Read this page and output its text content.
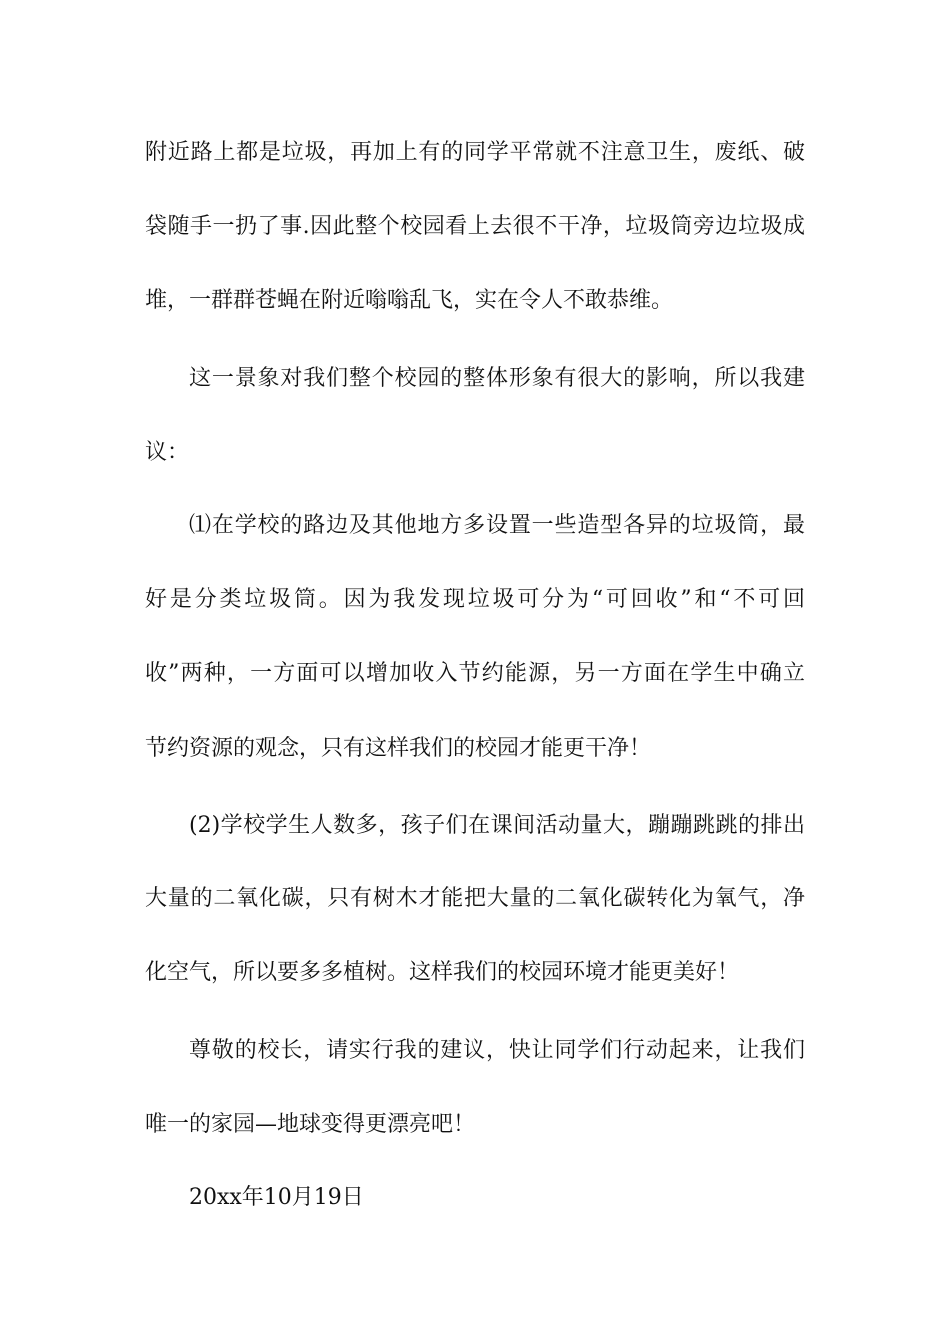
附近路上都是垃圾，再加上有的同学平常就不注意卫生，废纸、破
袋随手一扔了事.因此整个校园看上去很不干净，垃圾筒旁边垃圾成
堆，一群群苍蝇在附近嗡嗡乱飞，实在令人不敢恭维。
这一景象对我们整个校园的整体形象有很大的影响，所以我建
议：
⑴在学校的路边及其他地方多设置一些造型各异的垃圾筒，最
好是分类垃圾筒。因为我发现垃圾可分为“可回收”和“不可回
收”两种，一方面可以增加收入节约能源，另一方面在学生中确立
节约资源的观念，只有这样我们的校园才能更干净！
(2)学校学生人数多，孩子们在课间活动量大，蹦蹦跳跳的排出
大量的二氧化碳，只有树木才能把大量的二氧化碳转化为氧气，净
化空气，所以要多多植树。这样我们的校园环境才能更美好！
尊敬的校长，请实行我的建议，快让同学们行动起来，让我们
唯一的家园—地球变得更漂亮吧！
20xx年10月19日
